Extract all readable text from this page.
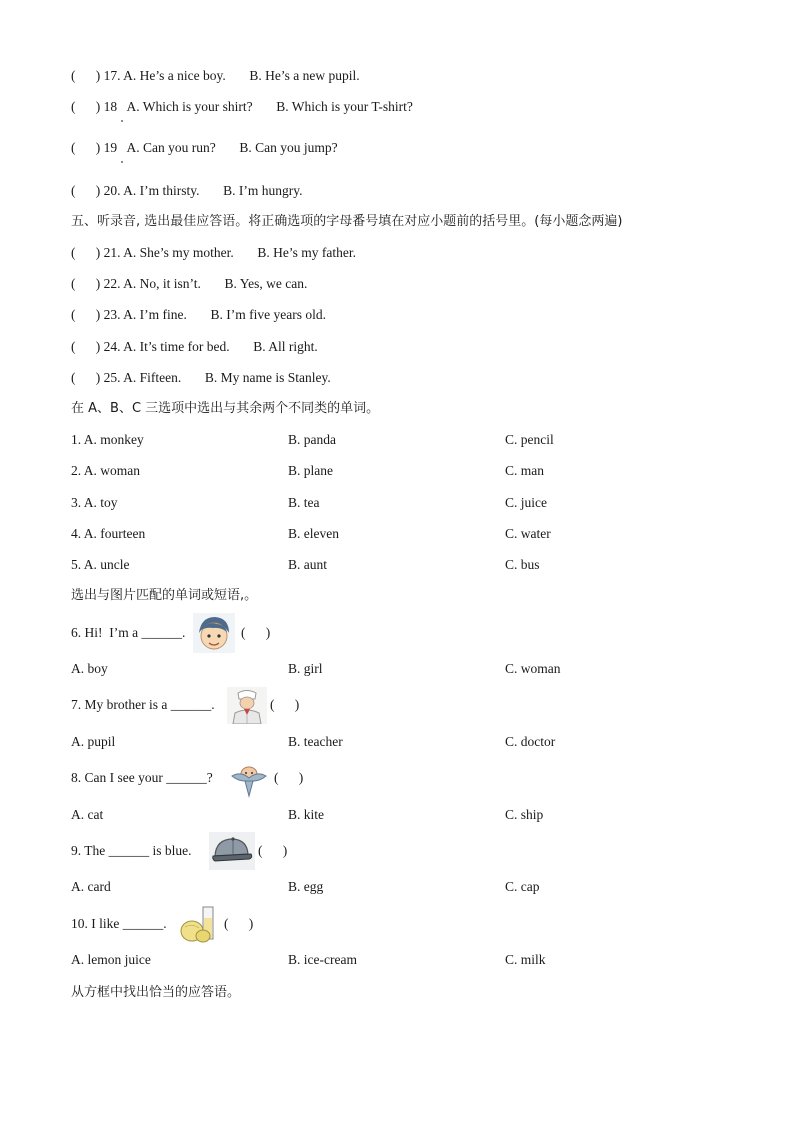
(      ) 17. A. He’s a nice boy.       B. He’s a new pupil.
(      ) 18   A. Which is your shirt?       B. Which is your T-shirt?
(      ) 19   A. Can you run?       B. Can you jump?
(      ) 20. A. I’m thirsty.       B. I’m hungry.
五、听录音, 选出最佳应答语。将正确选项的字母番号填在对应小题前的括号里。(每小题念两遍)
(      ) 21. A. She’s my mother.       B. He’s my father.
(      ) 22. A. No, it isn’t.       B. Yes, we can.
(      ) 23. A. I’m fine.       B. I’m five years old.
(      ) 24. A. It’s time for bed.       B. All right.
(      ) 25. A. Fifteen.       B. My name is Stanley.
在 A、B、C 三选项中选出与其余两个不同类的单词。
1. A. monkey	B. panda	C. pencil
2. A. woman	B. plane	C. man
3. A. toy	B. tea	C. juice
4. A. fourteen	B. eleven	C. water
5. A. uncle	B. aunt	C. bus
选出与图片匹配的单词或短语,。
6. Hi!  I’m a ______.	(      )
A. boy	B. girl	C. woman
7. My brother is a ______.	(      )
A. pupil	B. teacher	C. doctor
8. Can I see your ______?	(      )
A. cat	B. kite	C. ship
9. The ______ is blue.	(      )
A. card	B. egg	C. cap
10. I like ______.	(      )
A. lemon juice	B. ice-cream	C. milk
从方框中找出恰当的应答语。
